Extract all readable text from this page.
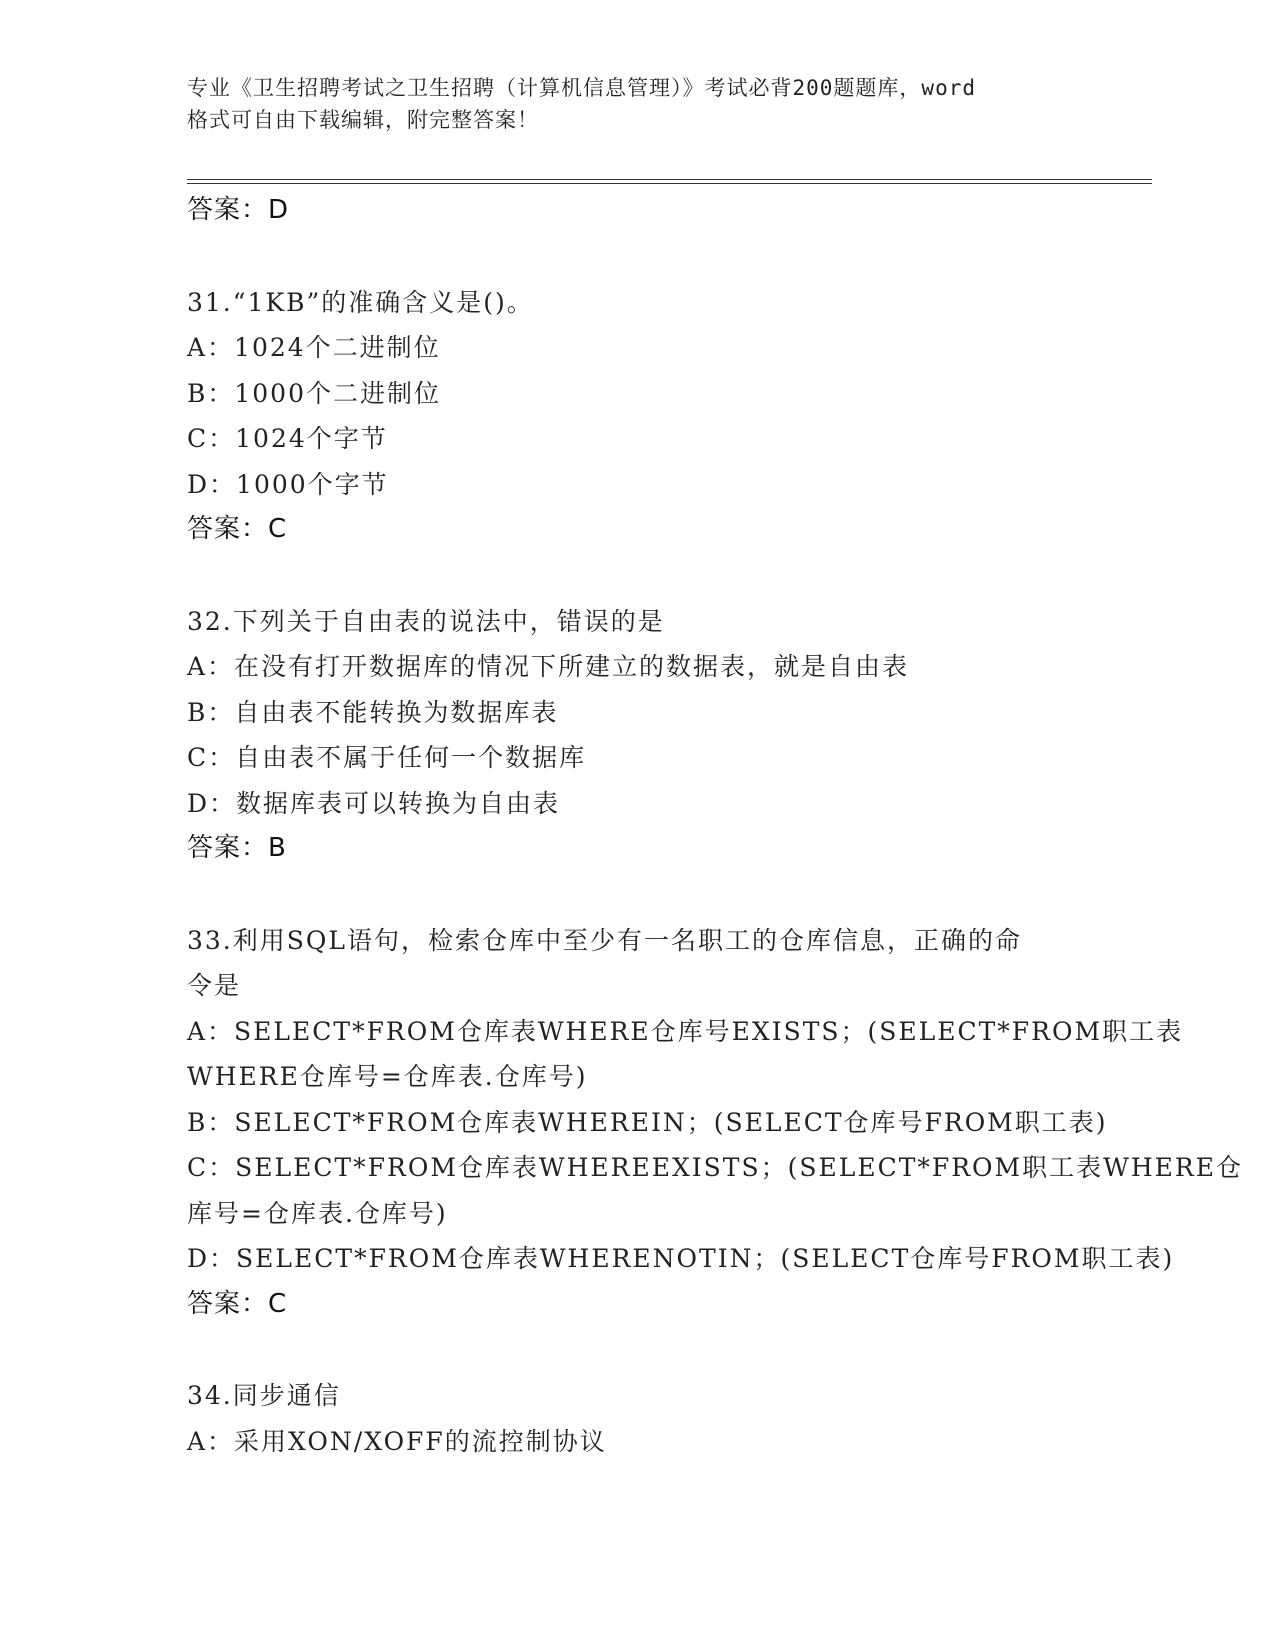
专业《卫生招聘考试之卫生招聘（计算机信息管理）》考试必背200题题库，word
格式可自由下载编辑，附完整答案！
答案：D
31.“1KB”的准确含义是()。
A：1024个二进制位
B：1000个二进制位
C：1024个字节
D：1000个字节
答案：C
32.下列关于自由表的说法中，错误的是
A：在没有打开数据库的情况下所建立的数据表，就是自由表
B：自由表不能转换为数据库表
C：自由表不属于任何一个数据库
D：数据库表可以转换为自由表
答案：B
33.利用SQL语句，检索仓库中至少有一名职工的仓库信息，正确的命
令是
A：SELECT*FROM仓库表WHERE仓库号EXISTS；(SELECT*FROM职工表
WHERE仓库号=仓库表.仓库号)
B：SELECT*FROM仓库表WHEREIN；(SELECT仓库号FROM职工表)
C：SELECT*FROM仓库表WHEREEXISTS；(SELECT*FROM职工表WHERE仓
库号=仓库表.仓库号)
D：SELECT*FROM仓库表WHERENOTIN；(SELECT仓库号FROM职工表)
答案：C
34.同步通信
A：采用XON/XOFF的流控制协议
